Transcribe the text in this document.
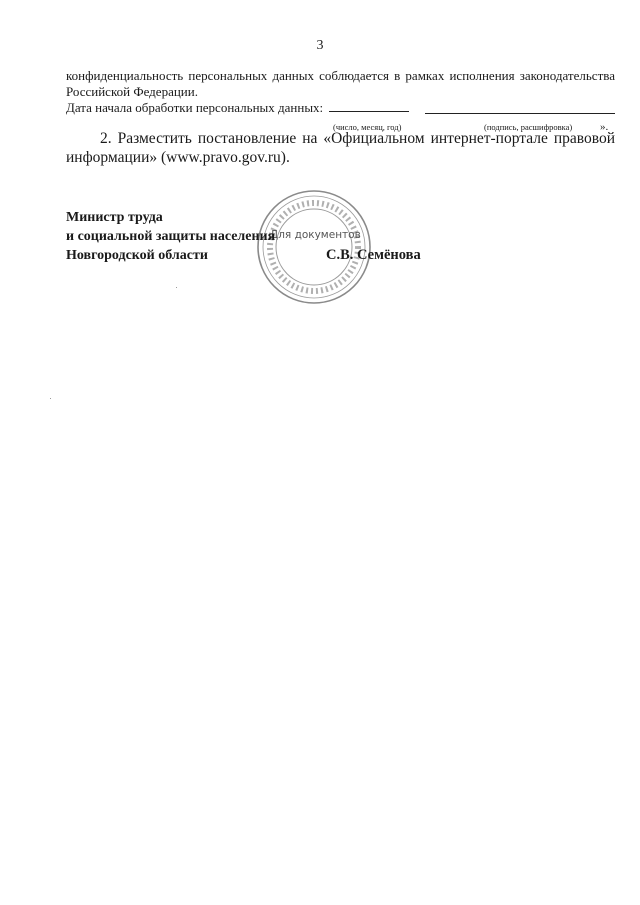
3
конфиденциальность персональных данных соблюдается в рамках исполнения законодательства
Российской Федерации.
Дата начала обработки персональных данных:
(число, месяц, год)	(подпись, расшифровка)	».
2. Разместить постановление на «Официальном интернет-портале правовой
информации» (www.pravo.gov.ru).
Для документов
Министр труда
и социальной защиты населения
Новгородской области	С.В. Семёнова
